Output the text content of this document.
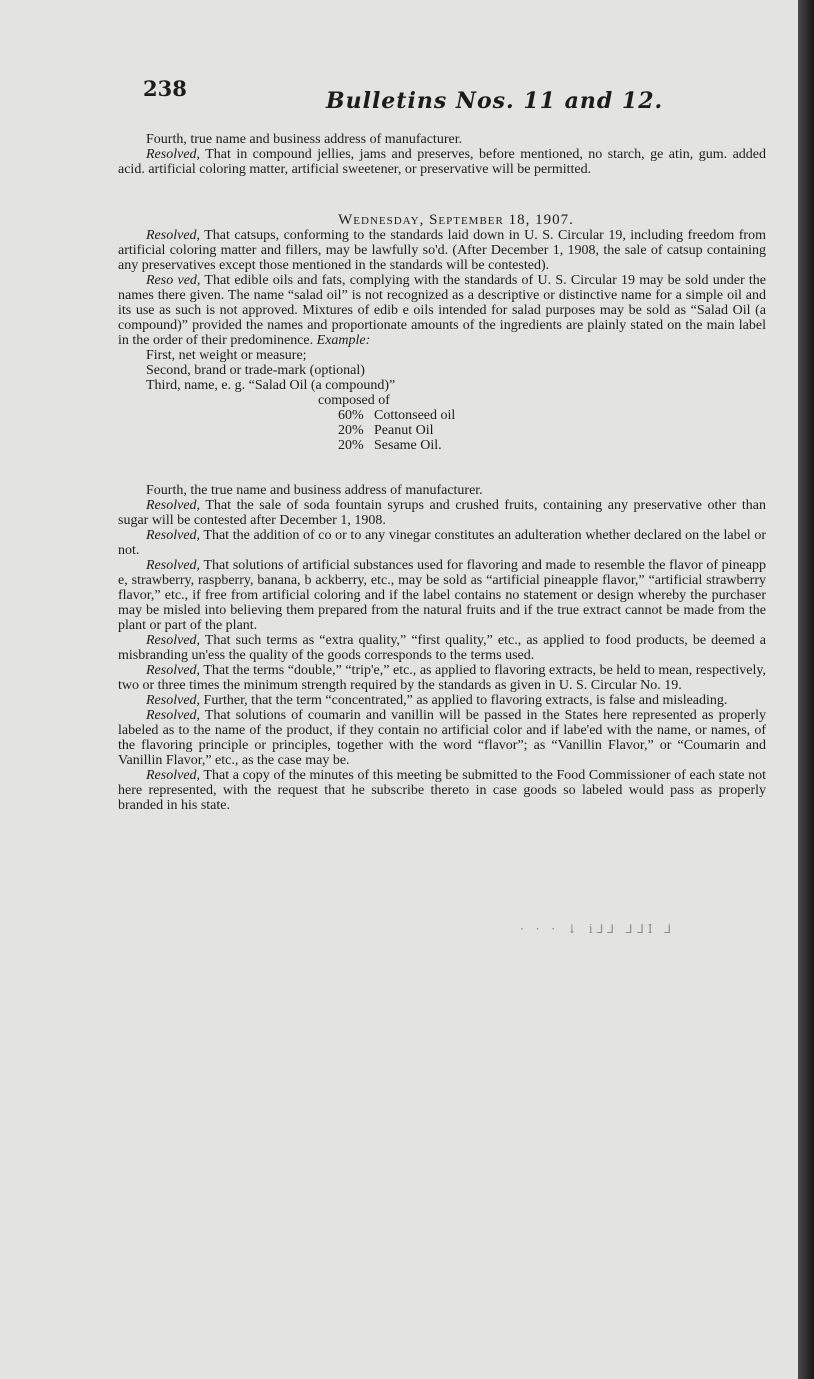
238	Bulletins Nos. 11 and 12.

Fourth, true name and business address of manufacturer.

Resolved, That in compound jellies, jams and preserves, before mentioned, no starch, ge atin, gum. added acid. artificial coloring matter, artificial sweetener, or preservative will be permitted.

Wednesday, September 18, 1907.

Resolved, That catsups, conforming to the standards laid down in U. S. Circular 19, including freedom from artificial coloring matter and fillers, may be lawfully so'd. (After December 1, 1908, the sale of catsup containing any preservatives except those mentioned in the standards will be contested).

Reso ved, That edible oils and fats, complying with the standards of U. S. Circular 19 may be sold under the names there given. The name “salad oil” is not recognized as a descriptive or distinctive name for a simple oil and its use as such is not approved. Mixtures of edib e oils intended for salad purposes may be sold as “Salad Oil (a compound)” provided the names and proportionate amounts of the ingredients are plainly stated on the main label in the order of their predominence. Example:

First, net weight or measure;
Second, brand or trade-mark (optional)
Third, name, e. g. “Salad Oil (a compound)”
composed of
60% Cottonseed oil
20% Peanut Oil
20% Sesame Oil.

Fourth, the true name and business address of manufacturer.

Resolved, That the sale of soda fountain syrups and crushed fruits, containing any preservative other than sugar will be contested after December 1, 1908.

Resolved, That the addition of co or to any vinegar constitutes an adulteration whether declared on the label or not.

Resolved, That solutions of artificial substances used for flavoring and made to resemble the flavor of pineapp e, strawberry, raspberry, banana, b ackberry, etc., may be sold as “artificial pineapple flavor,” “artificial strawberry flavor,” etc., if free from artificial coloring and if the label contains no statement or design whereby the purchaser may be misled into believing them prepared from the natural fruits and if the true extract cannot be made from the plant or part of the plant.

Resolved, That such terms as “extra quality,” “first quality,” etc., as applied to food products, be deemed a misbranding un'ess the quality of the goods corresponds to the terms used.

Resolved, That the terms “double,” “trip'e,” etc., as applied to flavoring extracts, be held to mean, respectively, two or three times the minimum strength required by the standards as given in U. S. Circular No. 19.

Resolved, Further, that the term “concentrated,” as applied to flavoring extracts, is false and misleading.

Resolved, That solutions of coumarin and vanillin will be passed in the States here represented as properly labeled as to the name of the product, if they contain no artificial color and if labe'ed with the name, or names, of the flavoring principle or principles, together with the word “flavor”; as “Vanillin Flavor,” or “Coumarin and Vanillin Flavor,” etc., as the case may be.

Resolved, That a copy of the minutes of this meeting be submitted to the Food Commissioner of each state not here represented, with the request that he subscribe thereto in case goods so labeled would pass as properly branded in his state.

· · · ↓ ⅰ⅃⅃ ⅃ᒧⅠ ⅃
